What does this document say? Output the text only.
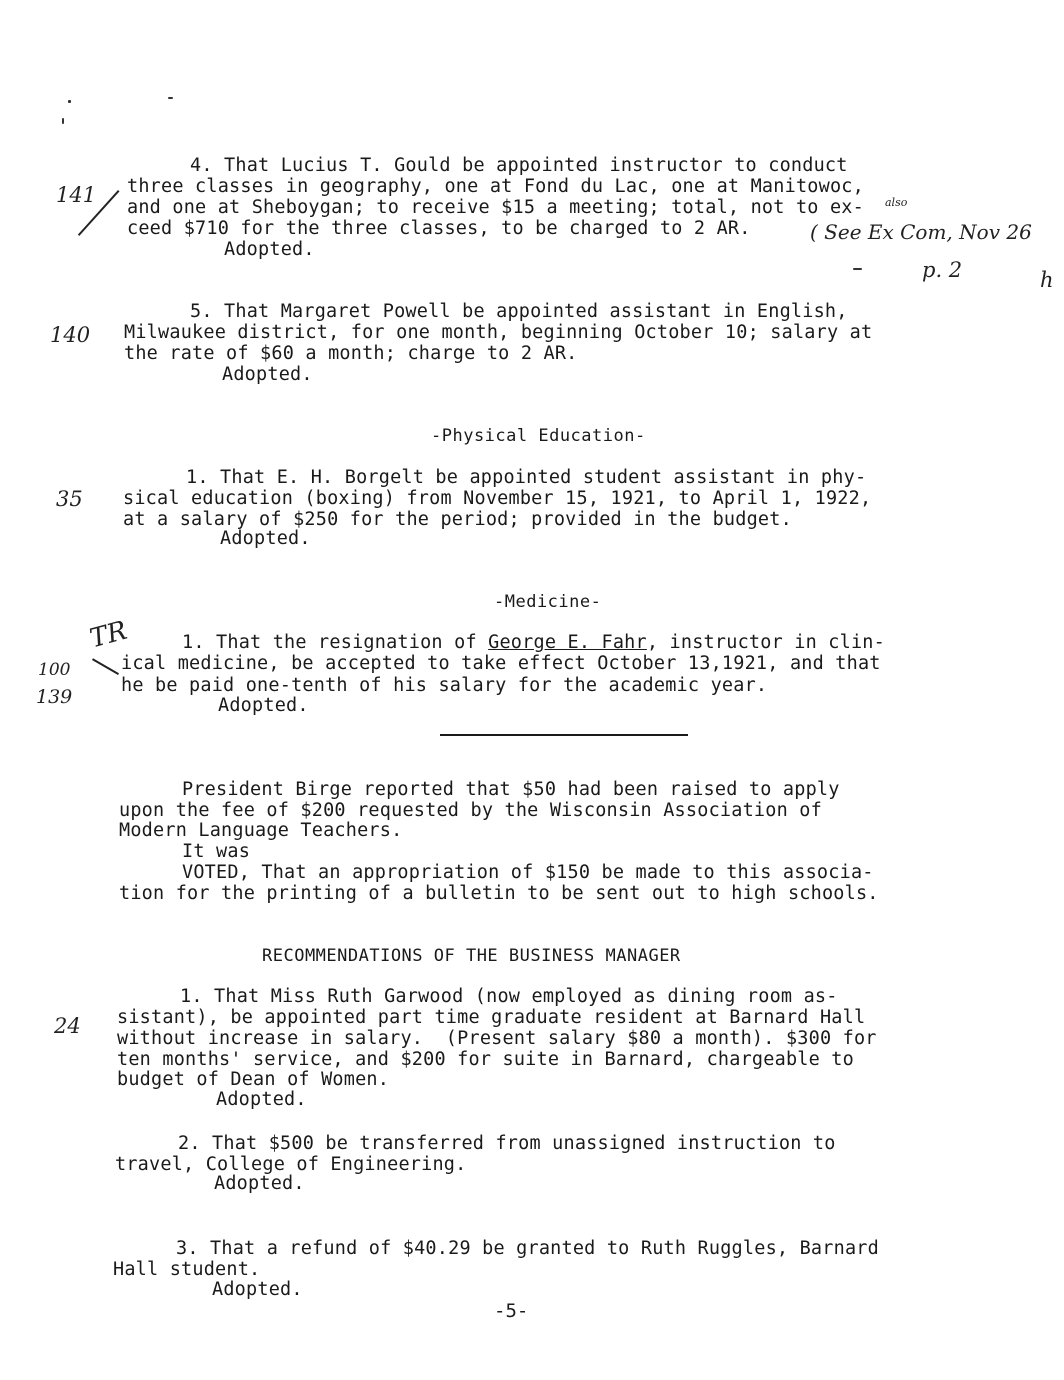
141
4. That Lucius T. Gould be appointed instructor to conduct
three classes in geography, one at Fond du Lac, one at Manitowoc,
and one at Sheboygan; to receive $15 a meeting; total, not to ex-
ceed $710 for the three classes, to be charged to 2 AR.
Adopted.
( See Ex Com, Nov 26
also
p. 2	h
140
5. That Margaret Powell be appointed assistant in English,
Milwaukee district, for one month, beginning October 10; salary at
the rate of $60 a month; charge to 2 AR.
Adopted.
-Physical Education-
35
1. That E. H. Borgelt be appointed student assistant in phy-
sical education (boxing) from November 15, 1921, to April 1, 1922,
at a salary of $250 for the period; provided in the budget.
Adopted.
-Medicine-
TR
100
139
1. That the resignation of George E. Fahr, instructor in clin-
ical medicine, be accepted to take effect October 13,1921, and that
he be paid one-tenth of his salary for the academic year.
Adopted.
President Birge reported that $50 had been raised to apply
upon the fee of $200 requested by the Wisconsin Association of
Modern Language Teachers.
It was
VOTED, That an appropriation of $150 be made to this associa-
tion for the printing of a bulletin to be sent out to high schools.
RECOMMENDATIONS OF THE BUSINESS MANAGER
24
1. That Miss Ruth Garwood (now employed as dining room as-
sistant), be appointed part time graduate resident at Barnard Hall
without increase in salary.  (Present salary $80 a month). $300 for
ten months' service, and $200 for suite in Barnard, chargeable to
budget of Dean of Women.
Adopted.
2. That $500 be transferred from unassigned instruction to
travel, College of Engineering.
Adopted.
3. That a refund of $40.29 be granted to Ruth Ruggles, Barnard
Hall student.
Adopted.
-5-
